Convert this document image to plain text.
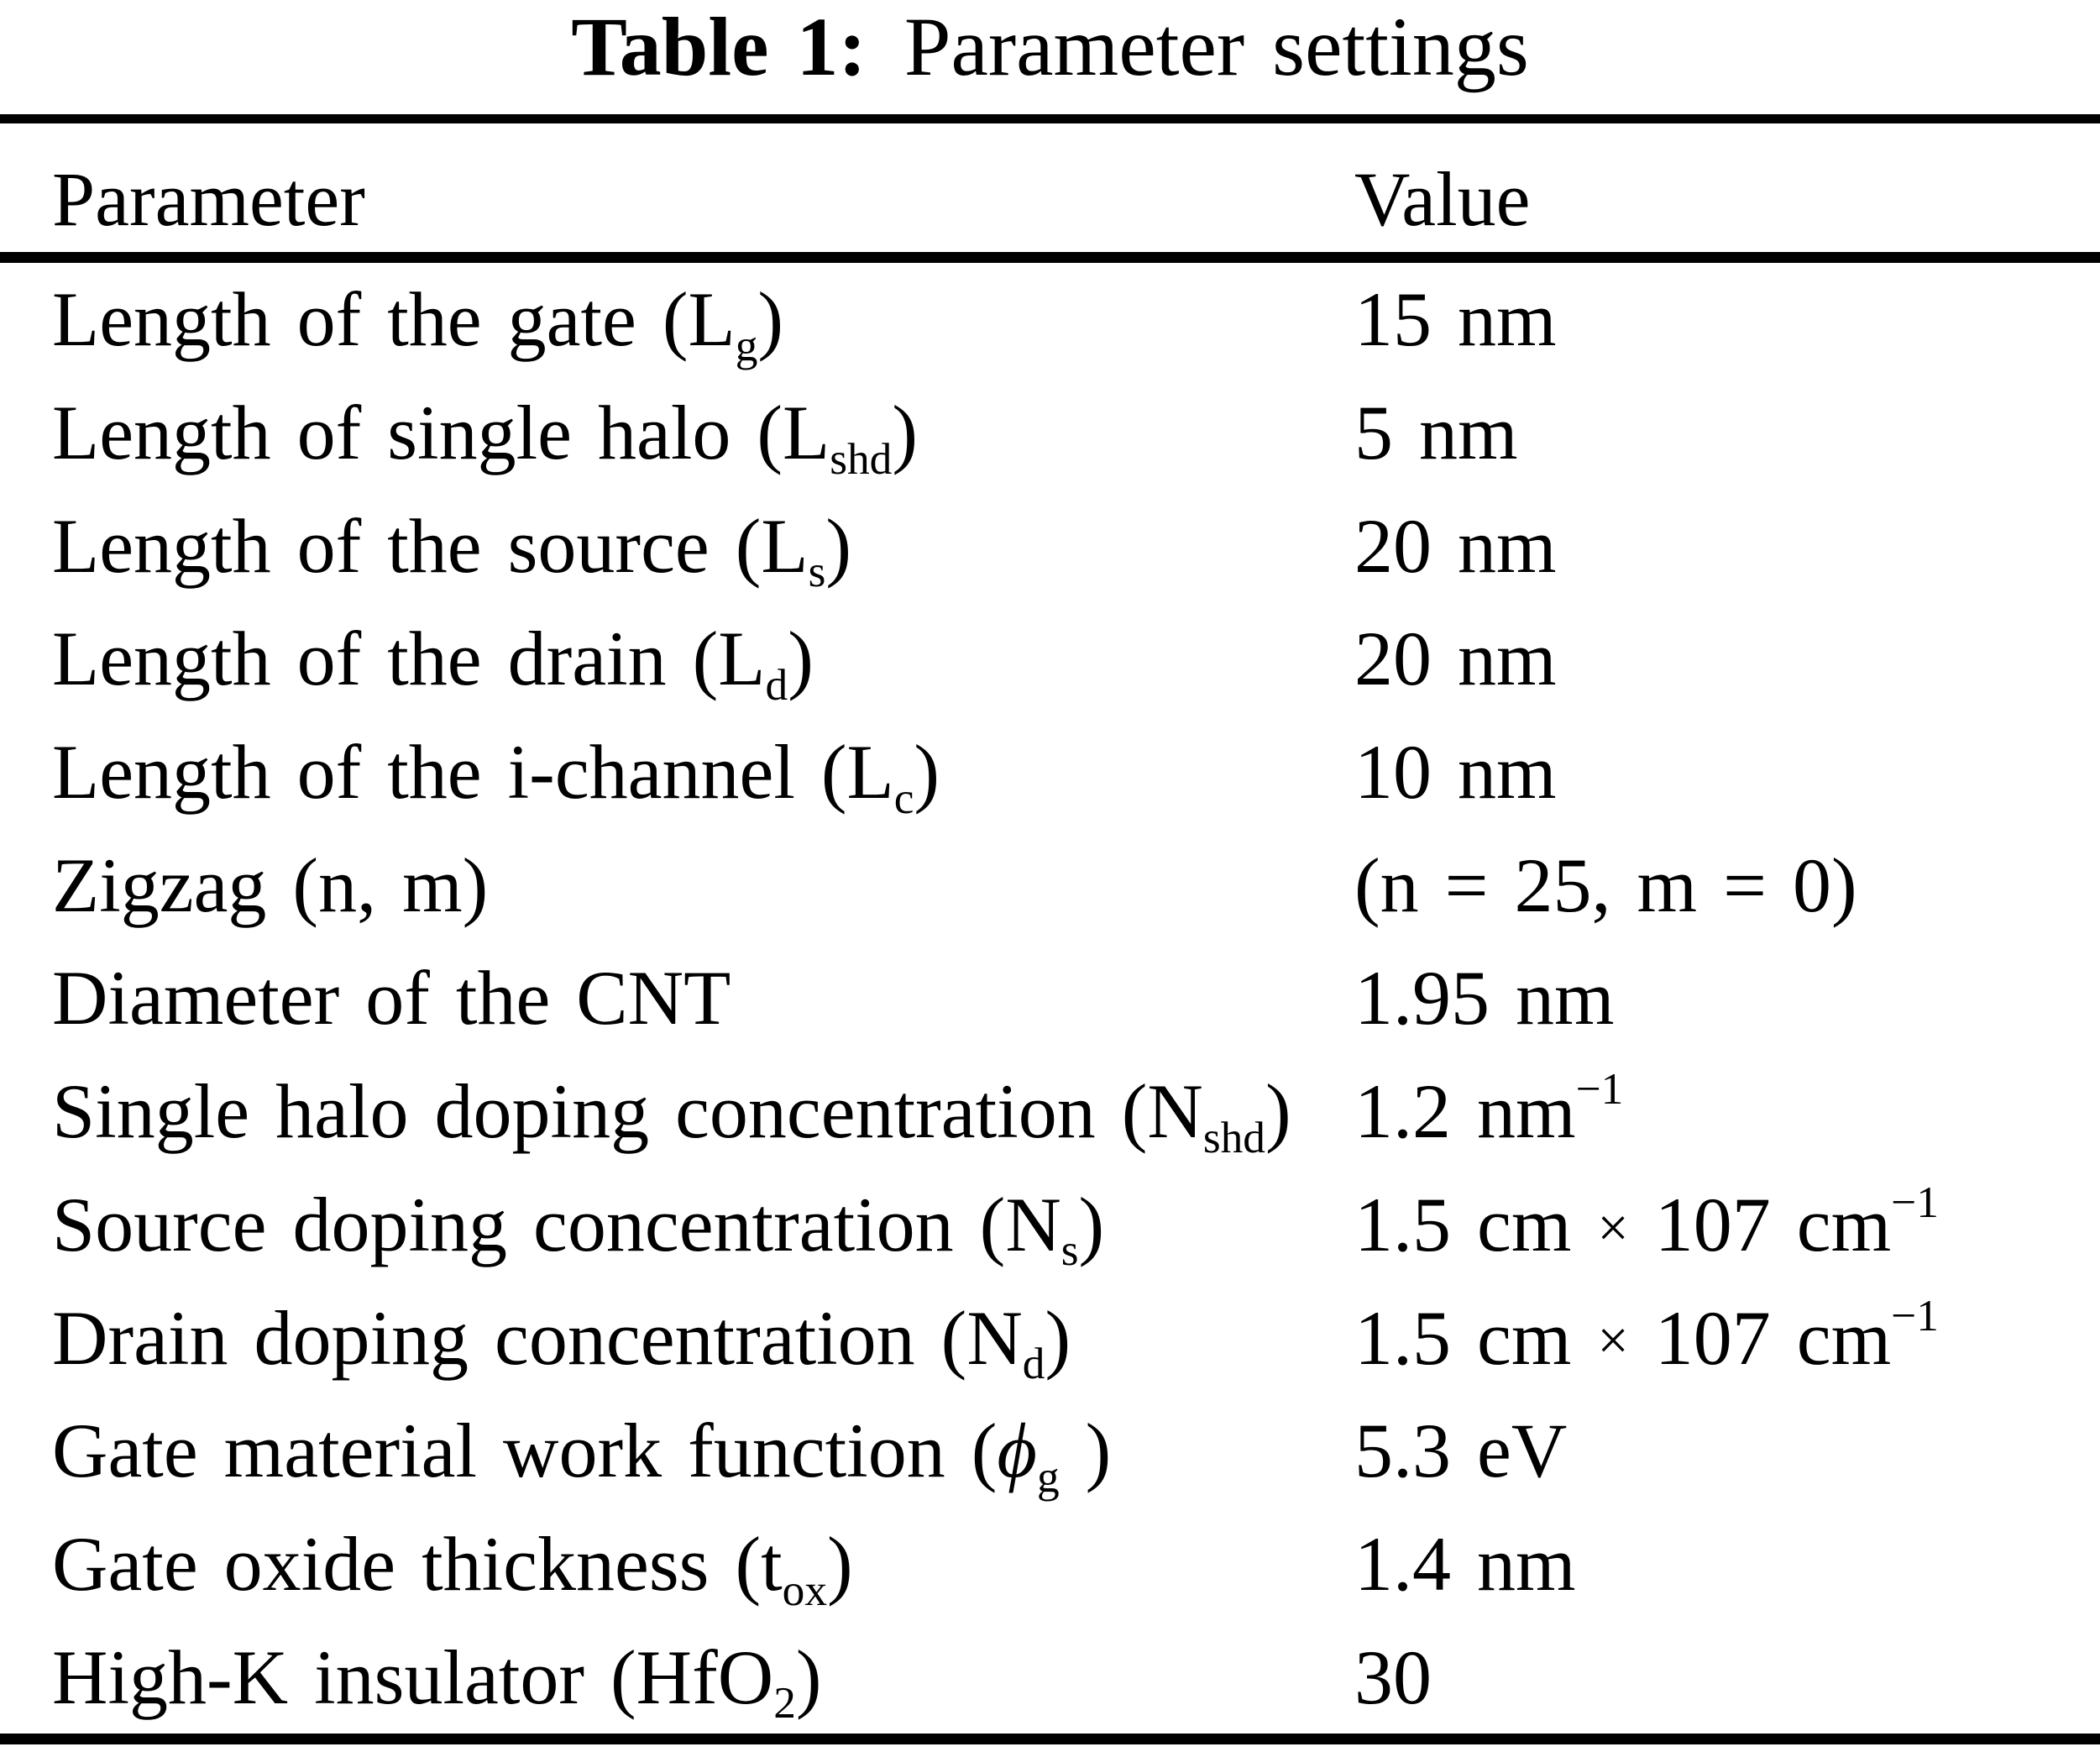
Table 1: Parameter settings
Parameter	Value
Length of the gate (Lg)	15 nm
Length of single halo (Lshd)	5 nm
Length of the source (Ls)	20 nm
Length of the drain (Ld)	20 nm
Length of the i-channel (Lc)	10 nm
Zigzag (n, m)	(n = 25, m = 0)
Diameter of the CNT	1.95 nm
Single halo doping concentration (Nshd) 1.2 $nm^{-1}$
Source doping concentration (Ns)	1.5 cm × 107 $cm^{-1}$
Drain doping concentration (Nd)	1.5 cm × 107 $cm^{-1}$
Gate material work function (ϕg )	5.3 eV
Gate oxide thickness (tox)	1.4 nm
High-K insulator (HfO2)	30
